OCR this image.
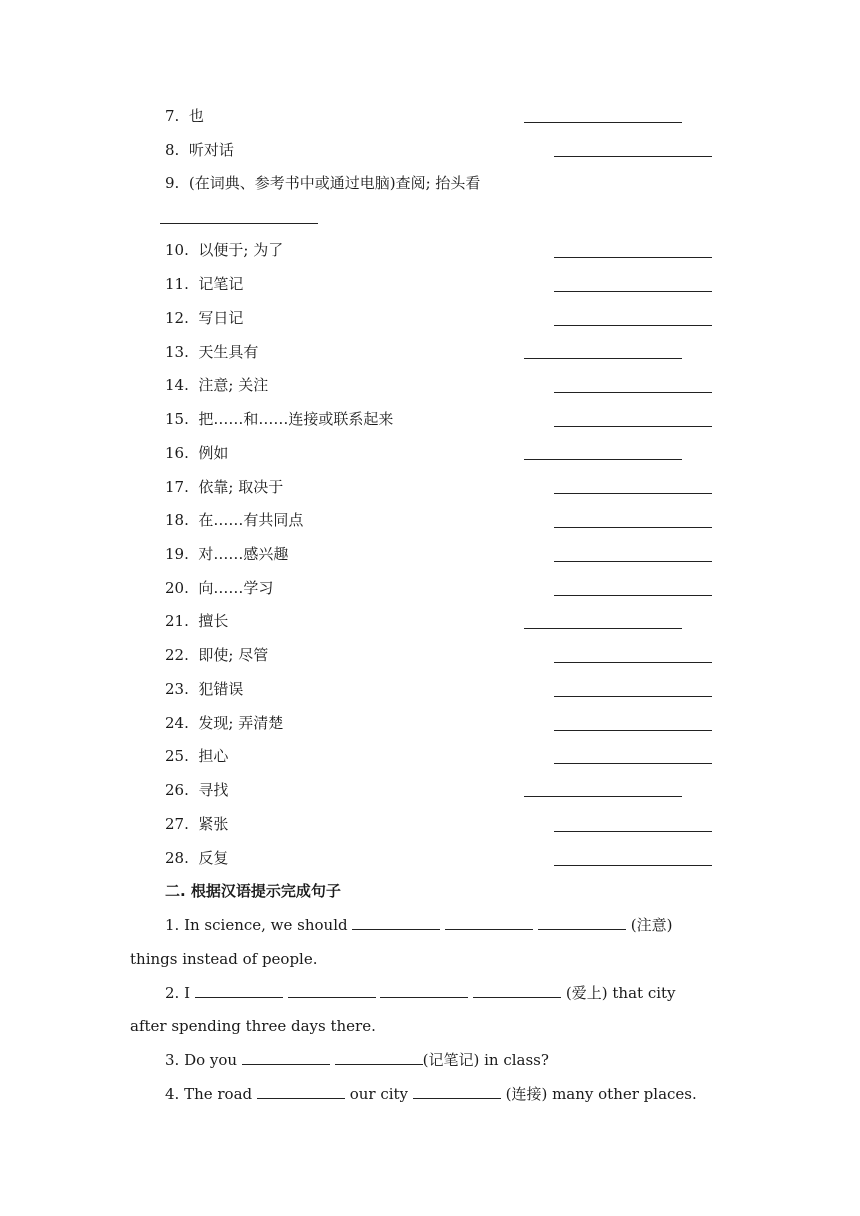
7. 也
8. 听对话
9. (在词典、参考书中或通过电脑)查阅; 抬头看
10. 以便于; 为了
11. 记笔记
12. 写日记
13. 天生具有
14. 注意; 关注
15. 把……和……连接或联系起来
16. 例如
17. 依靠; 取决于
18. 在……有共同点
19. 对……感兴趣
20. 向……学习
21. 擅长
22. 即使; 尽管
23. 犯错误
24. 发现; 弄清楚
25. 担心
26. 寻找
27. 紧张
28. 反复
二. 根据汉语提示完成句子
1. In science, we should	(注意)
things instead of people.
2. I	(爱上) that city
after spending three days there.
3. Do you	(记笔记) in class?
4. The road	our city	(连接) many other places.
